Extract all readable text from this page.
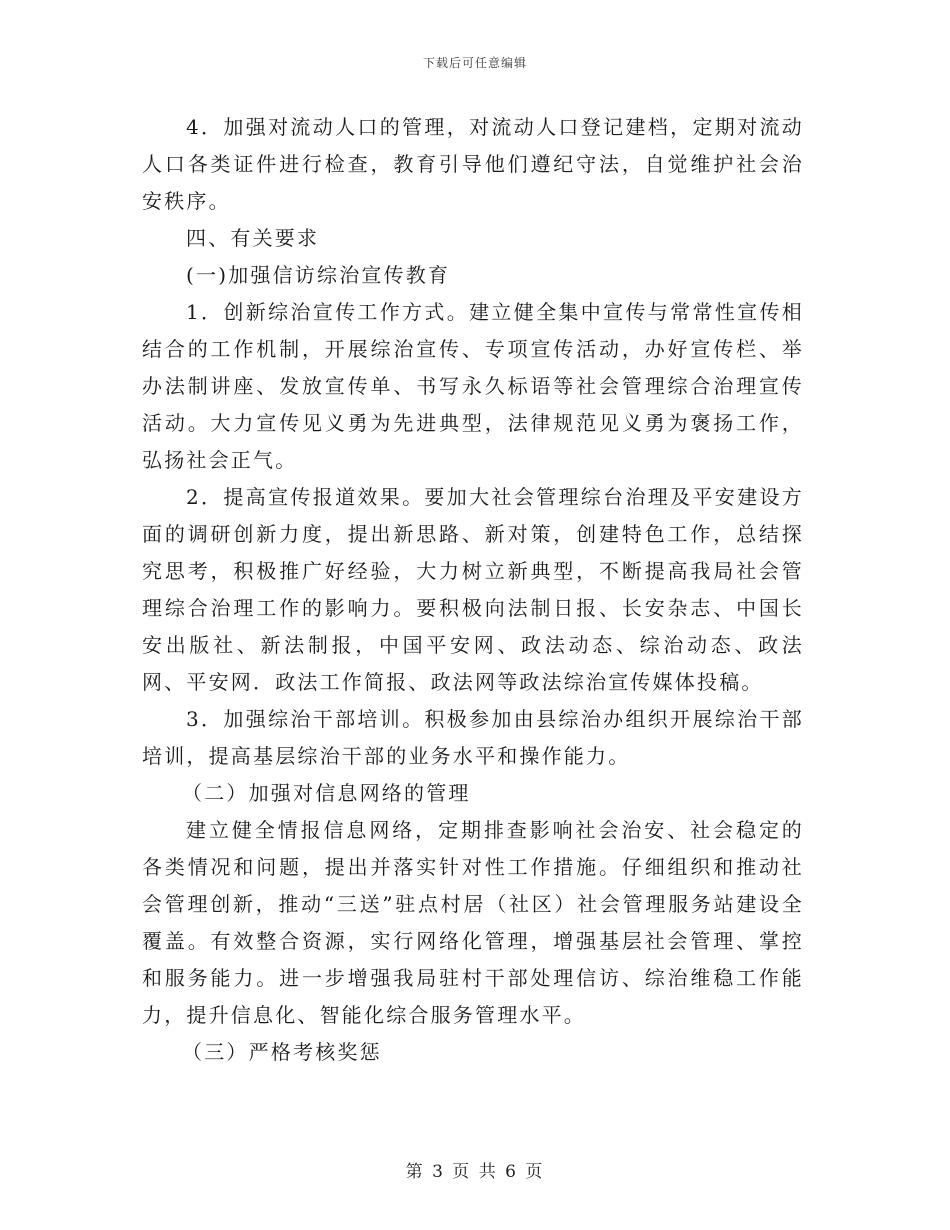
下载后可任意编辑

4．加强对流动人口的管理，对流动人口登记建档，定期对流动人口各类证件进行检查，教育引导他们遵纪守法，自觉维护社会治安秩序。

四、有关要求

(一)加强信访综治宣传教育

1．创新综治宣传工作方式。建立健全集中宣传与常常性宣传相结合的工作机制，开展综治宣传、专项宣传活动，办好宣传栏、举办法制讲座、发放宣传单、书写永久标语等社会管理综合治理宣传活动。大力宣传见义勇为先进典型，法律规范见义勇为褒扬工作，弘扬社会正气。

2．提高宣传报道效果。要加大社会管理综台治理及平安建设方面的调研创新力度，提出新思路、新对策，创建特色工作，总结探究思考，积极推广好经验，大力树立新典型，不断提高我局社会管理综合治理工作的影响力。要积极向法制日报、长安杂志、中国长安出版社、新法制报，中国平安网、政法动态、综治动态、政法网、平安网．政法工作简报、政法网等政法综治宣传媒体投稿。

3．加强综治干部培训。积极参加由县综治办组织开展综治干部培训，提高基层综治干部的业务水平和操作能力。

（二）加强对信息网络的管理

建立健全情报信息网络，定期排查影响社会治安、社会稳定的各类情况和问题，提出并落实针对性工作措施。仔细组织和推动社会管理创新，推动“三送”驻点村居（社区）社会管理服务站建设全覆盖。有效整合资源，实行网络化管理，增强基层社会管理、掌控和服务能力。进一步增强我局驻村干部处理信访、综治维稳工作能力，提升信息化、智能化综合服务管理水平。

（三）严格考核奖惩

第 3 页 共 6 页
